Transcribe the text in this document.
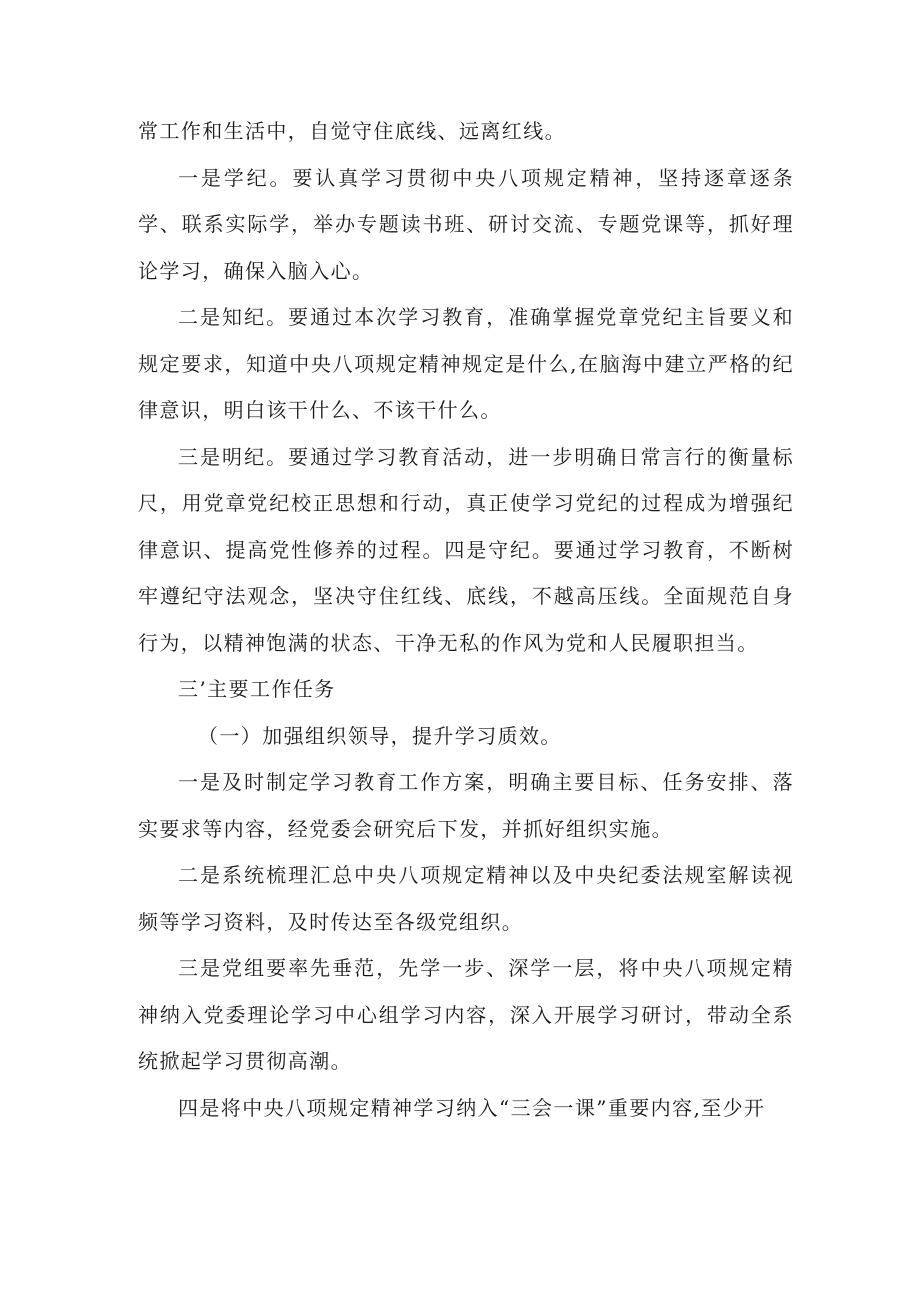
常工作和生活中，自觉守住底线、远离红线。

一是学纪。要认真学习贯彻中央八项规定精神，坚持逐章逐条学、联系实际学，举办专题读书班、研讨交流、专题党课等，抓好理论学习，确保入脑入心。

二是知纪。要通过本次学习教育，准确掌握党章党纪主旨要义和规定要求，知道中央八项规定精神规定是什么,在脑海中建立严格的纪律意识，明白该干什么、不该干什么。

三是明纪。要通过学习教育活动，进一步明确日常言行的衡量标尺，用党章党纪校正思想和行动，真正使学习党纪的过程成为增强纪律意识、提高党性修养的过程。四是守纪。要通过学习教育，不断树牢遵纪守法观念，坚决守住红线、底线，不越高压线。全面规范自身行为，以精神饱满的状态、干净无私的作风为党和人民履职担当。

三’主要工作任务

（一）加强组织领导，提升学习质效。

一是及时制定学习教育工作方案，明确主要目标、任务安排、落实要求等内容，经党委会研究后下发，并抓好组织实施。

二是系统梳理汇总中央八项规定精神以及中央纪委法规室解读视频等学习资料，及时传达至各级党组织。

三是党组要率先垂范，先学一步、深学一层，将中央八项规定精神纳入党委理论学习中心组学习内容，深入开展学习研讨，带动全系统掀起学习贯彻高潮。

四是将中央八项规定精神学习纳入“三会一课”重要内容,至少开
